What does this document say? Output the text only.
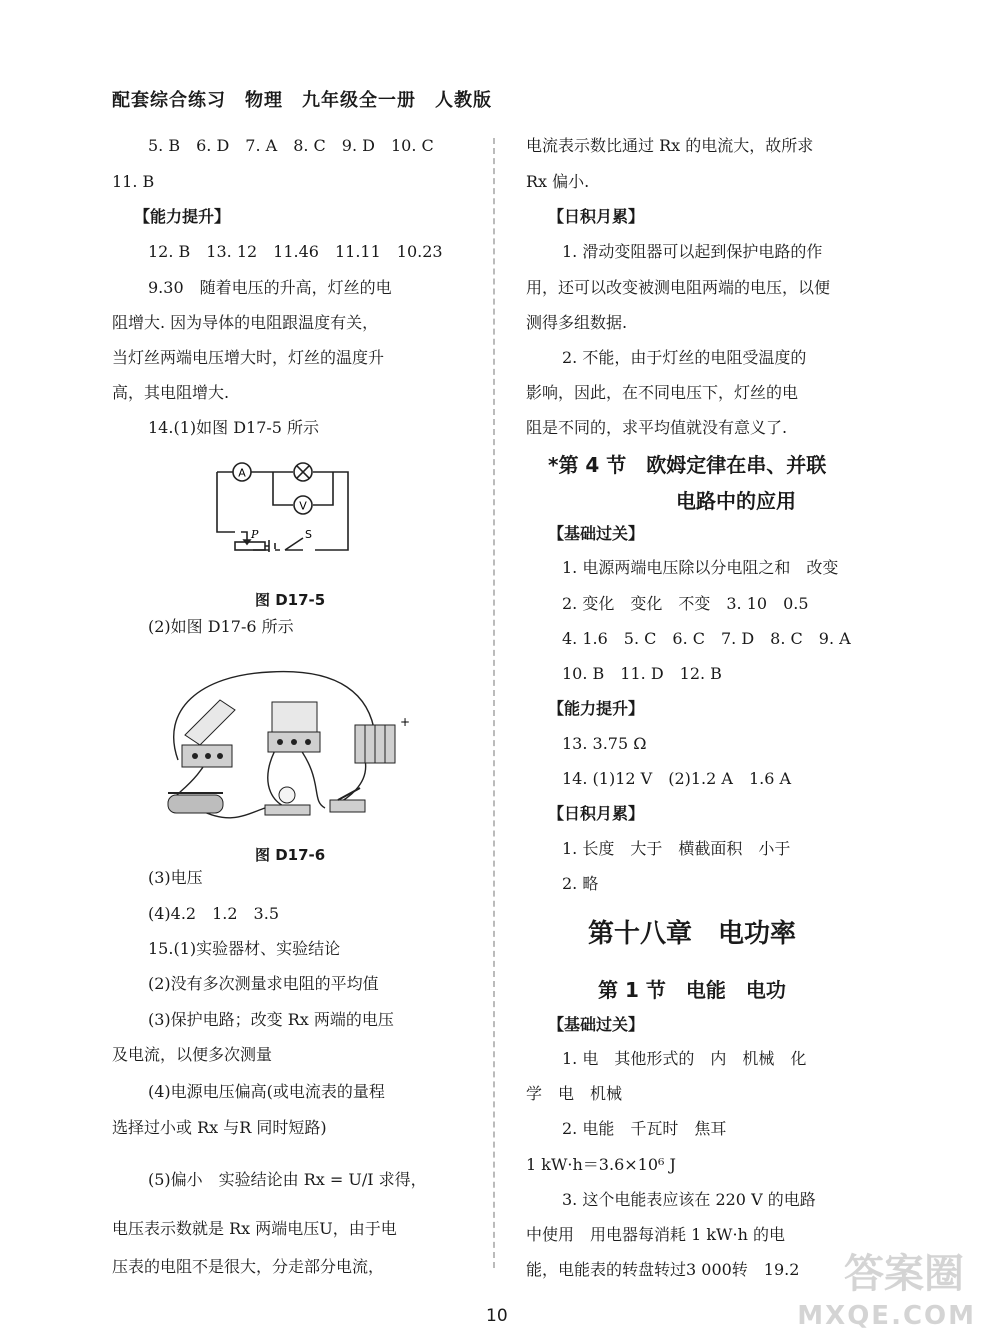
配套综合练习　物理　九年级全一册　人教版
5. B　6. D　7. A　8. C　9. D　10. C
11. B
【能力提升】
12. B　13. 12　11.46　11.11　10.23
9.30　随着电压的升高，灯丝的电
阻增大. 因为导体的电阻跟温度有关，
当灯丝两端电压增大时，灯丝的温度升
高，其电阻增大.
14.(1)如图 D17-5 所示
A
V
P	S
图 D17-5
(2)如图 D17-6 所示
+
图 D17-6
(3)电压
(4)4.2　1.2　3.5
15.(1)实验器材、实验结论
(2)没有多次测量求电阻的平均值
(3)保护电路；改变 Rx 两端的电压
及电流，以便多次测量
(4)电源电压偏高(或电流表的量程
选择过小或 Rx 与R 同时短路)
(5)偏小　实验结论由 Rx = U/I 求得，
电压表示数就是 Rx 两端电压U，由于电
压表的电阻不是很大，分走部分电流，
电流表示数比通过 Rx 的电流大，故所求
Rx 偏小.
【日积月累】
1. 滑动变阻器可以起到保护电路的作
用，还可以改变被测电阻两端的电压，以便
测得多组数据.
2. 不能，由于灯丝的电阻受温度的
影响，因此，在不同电压下，灯丝的电
阻是不同的，求平均值就没有意义了.
*第 4 节　欧姆定律在串、并联
电路中的应用
【基础过关】
1. 电源两端电压除以分电阻之和　改变
2. 变化　变化　不变　3. 10　0.5
4. 1.6　5. C　6. C　7. D　8. C　9. A
10. B　11. D　12. B
【能力提升】
13. 3.75 Ω
14. (1)12 V　(2)1.2 A　1.6 A
【日积月累】
1. 长度　大于　横截面积　小于
2. 略
第十八章　电功率
第 1 节　电能　电功
【基础过关】
1. 电　其他形式的　内　机械　化
学　电　机械
2. 电能　千瓦时　焦耳
1 kW·h＝3.6×10⁶ J
3. 这个电能表应该在 220 V 的电路
中使用　用电器每消耗 1 kW·h 的电
能，电能表的转盘转过3 000转　19.2
10
答案圈
MXQE.COM
